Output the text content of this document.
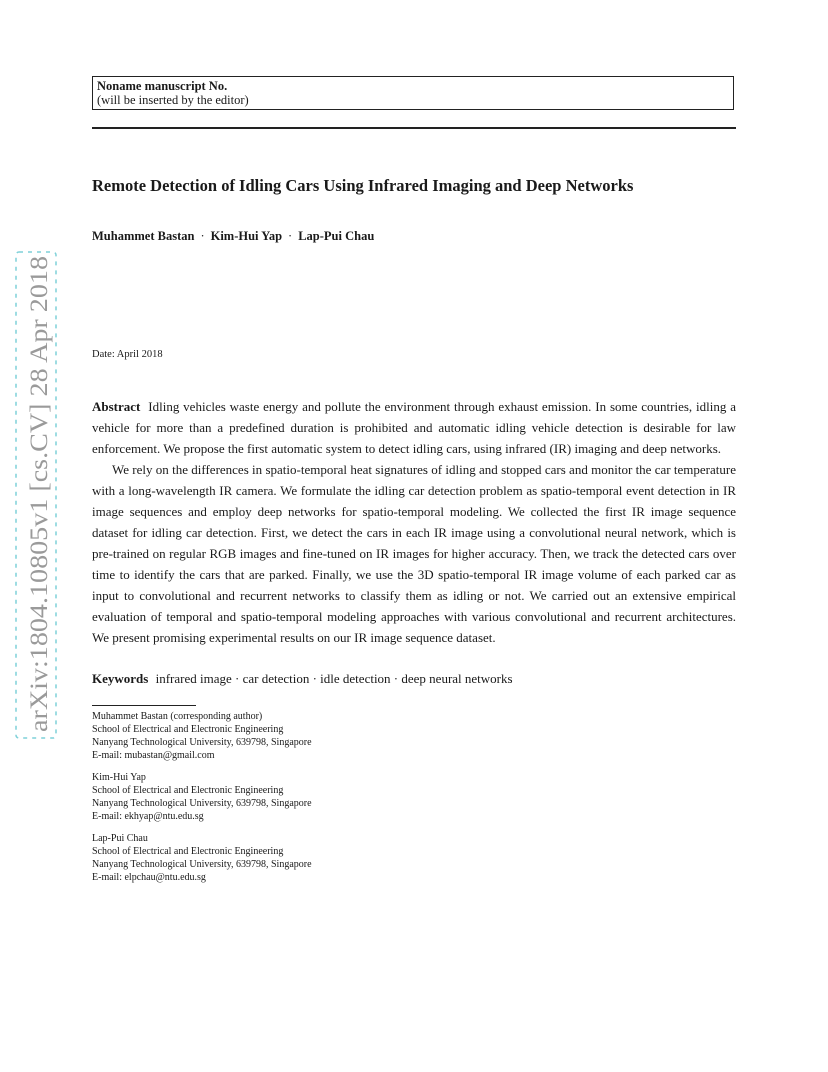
arXiv:1804.10805v1 [cs.CV] 28 Apr 2018
Noname manuscript No.
(will be inserted by the editor)
Remote Detection of Idling Cars Using Infrared Imaging and Deep Networks
Muhammet Bastan · Kim-Hui Yap · Lap-Pui Chau
Date: April 2018

Abstract Idling vehicles waste energy and pollute the environment through exhaust emission. In some countries, idling a vehicle for more than a predefined duration is prohibited and automatic idling vehicle detection is desirable for law enforcement. We propose the first automatic system to detect idling cars, using infrared (IR) imaging and deep networks.

We rely on the differences in spatio-temporal heat signatures of idling and stopped cars and monitor the car temperature with a long-wavelength IR camera. We formulate the idling car detection problem as spatio-temporal event detection in IR image sequences and employ deep networks for spatio-temporal modeling. We collected the first IR image sequence dataset for idling car detection. First, we detect the cars in each IR image using a convolutional neural network, which is pre-trained on regular RGB images and fine-tuned on IR images for higher accuracy. Then, we track the detected cars over time to identify the cars that are parked. Finally, we use the 3D spatio-temporal IR image volume of each parked car as input to convolutional and recurrent networks to classify them as idling or not. We carried out an extensive empirical evaluation of temporal and spatio-temporal modeling approaches with various convolutional and recurrent architectures. We present promising experimental results on our IR image sequence dataset.

Keywords infrared image · car detection · idle detection · deep neural networks
Muhammet Bastan (corresponding author)
School of Electrical and Electronic Engineering
Nanyang Technological University, 639798, Singapore
E-mail: mubastan@gmail.com
Kim-Hui Yap
School of Electrical and Electronic Engineering
Nanyang Technological University, 639798, Singapore
E-mail: ekhyap@ntu.edu.sg
Lap-Pui Chau
School of Electrical and Electronic Engineering
Nanyang Technological University, 639798, Singapore
E-mail: elpchau@ntu.edu.sg
